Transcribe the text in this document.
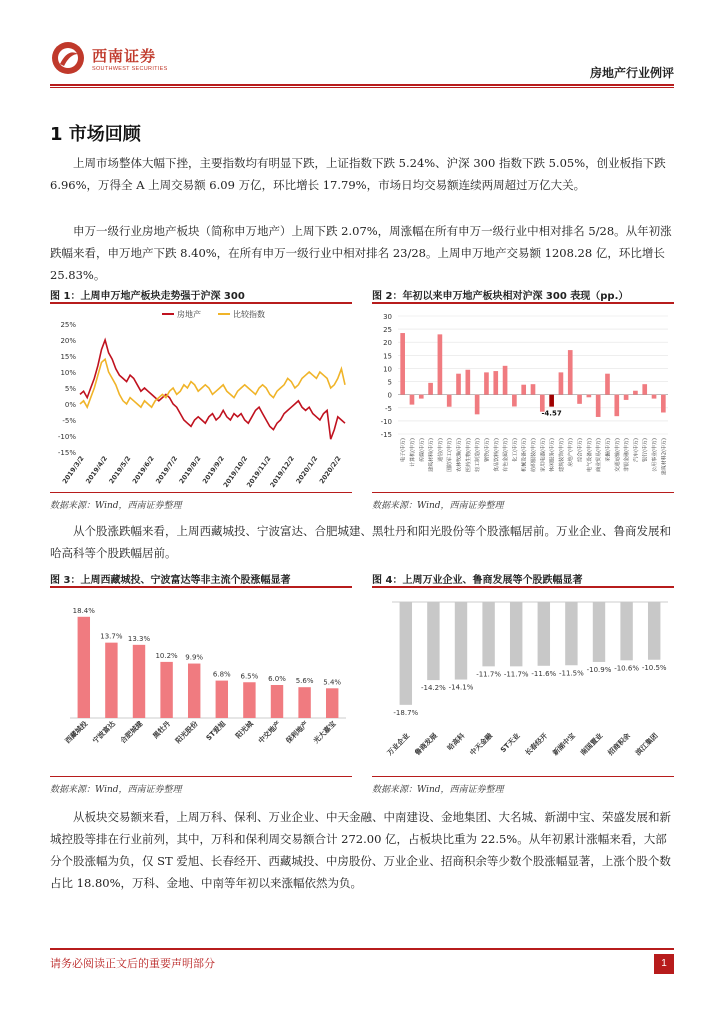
西南证券
SOUTHWEST SECURITIES	房地产行业例评
1 市场回顾
上周市场整体大幅下挫，主要指数均有明显下跌，上证指数下跌 5.24%、沪深 300 指数下跌 5.05%，创业板指下跌 6.96%，万得全 A 上周交易额 6.09 万亿，环比增长 17.79%，市场日均交易额连续两周超过万亿大关。
申万一级行业房地产板块（简称申万地产）上周下跌 2.07%，周涨幅在所有申万一级行业中相对排名 5/28。从年初涨跌幅来看，申万地产下跌 8.40%，在所有申万一级行业中相对排名 23/28。上周申万地产交易额 1208.28 亿，环比增长 25.83%。
图 1：上周申万地产板块走势强于沪深 300
25%
20%
15%
10%
5%
0%
-5%
-10%
-15%
房地产	比较指数
2019/3/2
2019/4/2
2019/5/2
2019/6/2
2019/7/2
2019/8/2
2019/9/2
2019/10/2
2019/11/2
2019/12/2
2020/1/2
2020/2/2
数据来源：Wind，西南证券整理
图 2：年初以来申万地产板块相对沪深 300 表现（pp.）
30
25
20
15
10
5
0
-5
-10
-15
-4.57
电子(申万) 计算机(申万) 传媒(申万) 建筑材料(申万) 通信(申万) 国防军工(申万) 农林牧渔(申万) 医药生物(申万) 轻工制造(申万) 钢铁(申万) 食品饮料(申万) 有色金属(申万) 化工(申万) 机械设备(申万) 纺织服装(申万) 家用电器(申万) 休闲服务(申万) 建筑装饰(申万) 房地产(申万) 综合(申万) 电气设备(申万) 商业贸易(申万) 采掘(申万) 交通运输(申万) 非银金融(申万) 汽车(申万) 银行(申万) 公用事业(申万) 建筑材料2(申万)
数据来源：Wind，西南证券整理
从个股涨跌幅来看，上周西藏城投、宁波富达、合肥城建、黑牡丹和阳光股份等个股涨幅居前。万业企业、鲁商发展和哈高科等个股跌幅居前。
图 3：上周西藏城投、宁波富达等非主流个股涨幅显著
18.4%
13.7% 13.3%
10.2% 9.9%
6.8% 6.5% 6.0% 5.6% 5.4%
西藏城投 宁波富达 合肥城建 黑牡丹 阳光股份 ST爱旭 阳光城 中交地产 保利地产 光大嘉宝
数据来源：Wind，西南证券整理
图 4：上周万业企业、鲁商发展等个股跌幅显著
-18.7%
-14.2% -14.1%
-11.7% -11.7% -11.6% -11.5% -10.9% -10.6% -10.5%
万业企业 鲁商发展 哈高科 中天金融 ST天业 长春经开 新湖中宝 南国置业 招商积余 滨江集团
数据来源：Wind，西南证券整理
从板块交易额来看，上周万科、保利、万业企业、中天金融、中南建设、金地集团、大名城、新湖中宝、荣盛发展和新城控股等排在行业前列，其中，万科和保利周交易额合计 272.00 亿，占板块比重为 22.5%。从年初累计涨幅来看，大部分个股涨幅为负，仅 ST 爱旭、长春经开、西藏城投、中房股份、万业企业、招商积余等少数个股涨幅显著，上涨个股个数占比 18.80%，万科、金地、中南等年初以来涨幅依然为负。
请务必阅读正文后的重要声明部分	1
